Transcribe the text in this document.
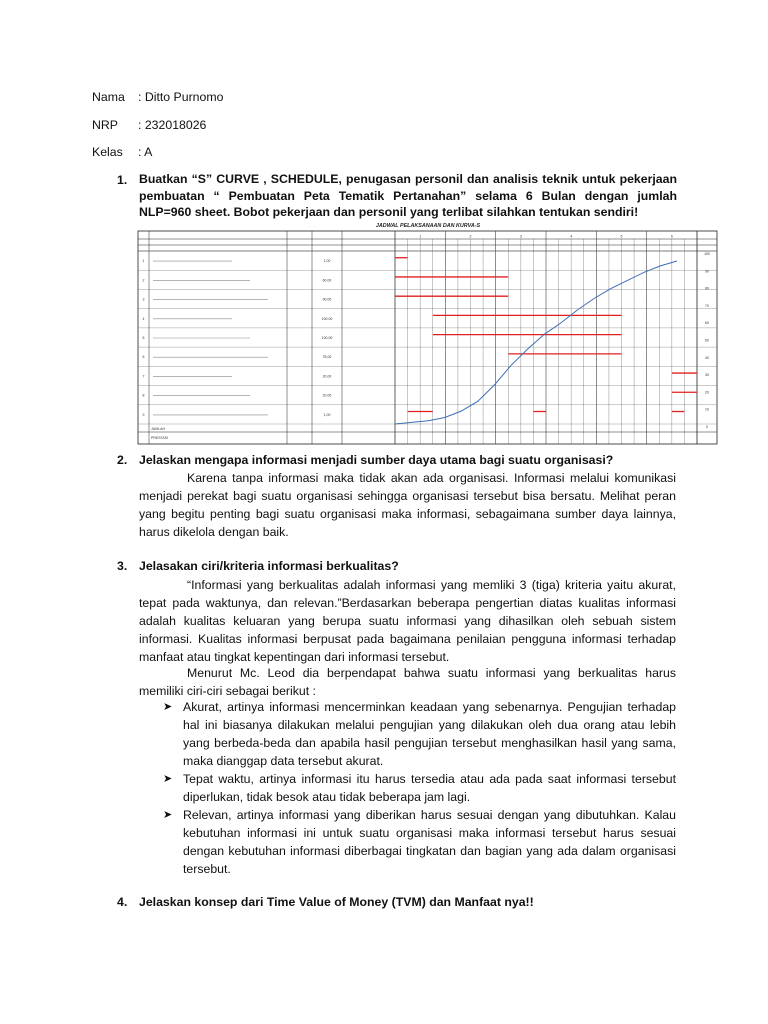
Nama : Ditto Purnomo
NRP : 232018026
Kelas : A
1. Buatkan “S” CURVE , SCHEDULE, penugasan personil dan analisis teknik untuk pekerjaan pembuatan “ Pembuatan Peta Tematik Pertanahan” selama 6 Bulan dengan jumlah NLP=960 sheet. Bobot pekerjaan dan personil yang terlibat silahkan tentukan sendiri!
JADWAL PELAKSANAAN DAN KURVA-S
1	2	3	4	5	6
100
90
80
70
60
50
40
30
20
10
0
1	1,00
2	60,00
3	90,00
4	100,00
5	100,00
6	78,00
7	20,00
8	20,00
9	1,00
JUMLAH
PRESTASI
2. Jelaskan mengapa informasi menjadi sumber daya utama bagi suatu organisasi?
Karena tanpa informasi maka tidak akan ada organisasi. Informasi melalui komunikasi menjadi perekat bagi suatu organisasi sehingga organisasi tersebut bisa bersatu. Melihat peran yang begitu penting bagi suatu organisasi maka informasi, sebagaimana sumber daya lainnya, harus dikelola dengan baik.
3. Jelasakan ciri/kriteria informasi berkualitas?
“Informasi yang berkualitas adalah informasi yang memliki 3 (tiga) kriteria yaitu akurat, tepat pada waktunya, dan relevan.”Berdasarkan beberapa pengertian diatas kualitas informasi adalah kualitas keluaran yang berupa suatu informasi yang dihasilkan oleh sebuah sistem informasi. Kualitas informasi berpusat pada bagaimana penilaian pengguna informasi terhadap manfaat atau tingkat kepentingan dari informasi tersebut.
Menurut Mc. Leod dia berpendapat bahwa suatu informasi yang berkualitas harus memiliki ciri-ciri sebagai berikut :
➤ Akurat, artinya informasi mencerminkan keadaan yang sebenarnya. Pengujian terhadap hal ini biasanya dilakukan melalui pengujian yang dilakukan oleh dua orang atau lebih yang berbeda-beda dan apabila hasil pengujian tersebut menghasilkan hasil yang sama, maka dianggap data tersebut akurat.
➤ Tepat waktu, artinya informasi itu harus tersedia atau ada pada saat informasi tersebut diperlukan, tidak besok atau tidak beberapa jam lagi.
➤ Relevan, artinya informasi yang diberikan harus sesuai dengan yang dibutuhkan. Kalau kebutuhan informasi ini untuk suatu organisasi maka informasi tersebut harus sesuai dengan kebutuhan informasi diberbagai tingkatan dan bagian yang ada dalam organisasi tersebut.
4. Jelaskan konsep dari Time Value of Money (TVM) dan Manfaat nya!!
